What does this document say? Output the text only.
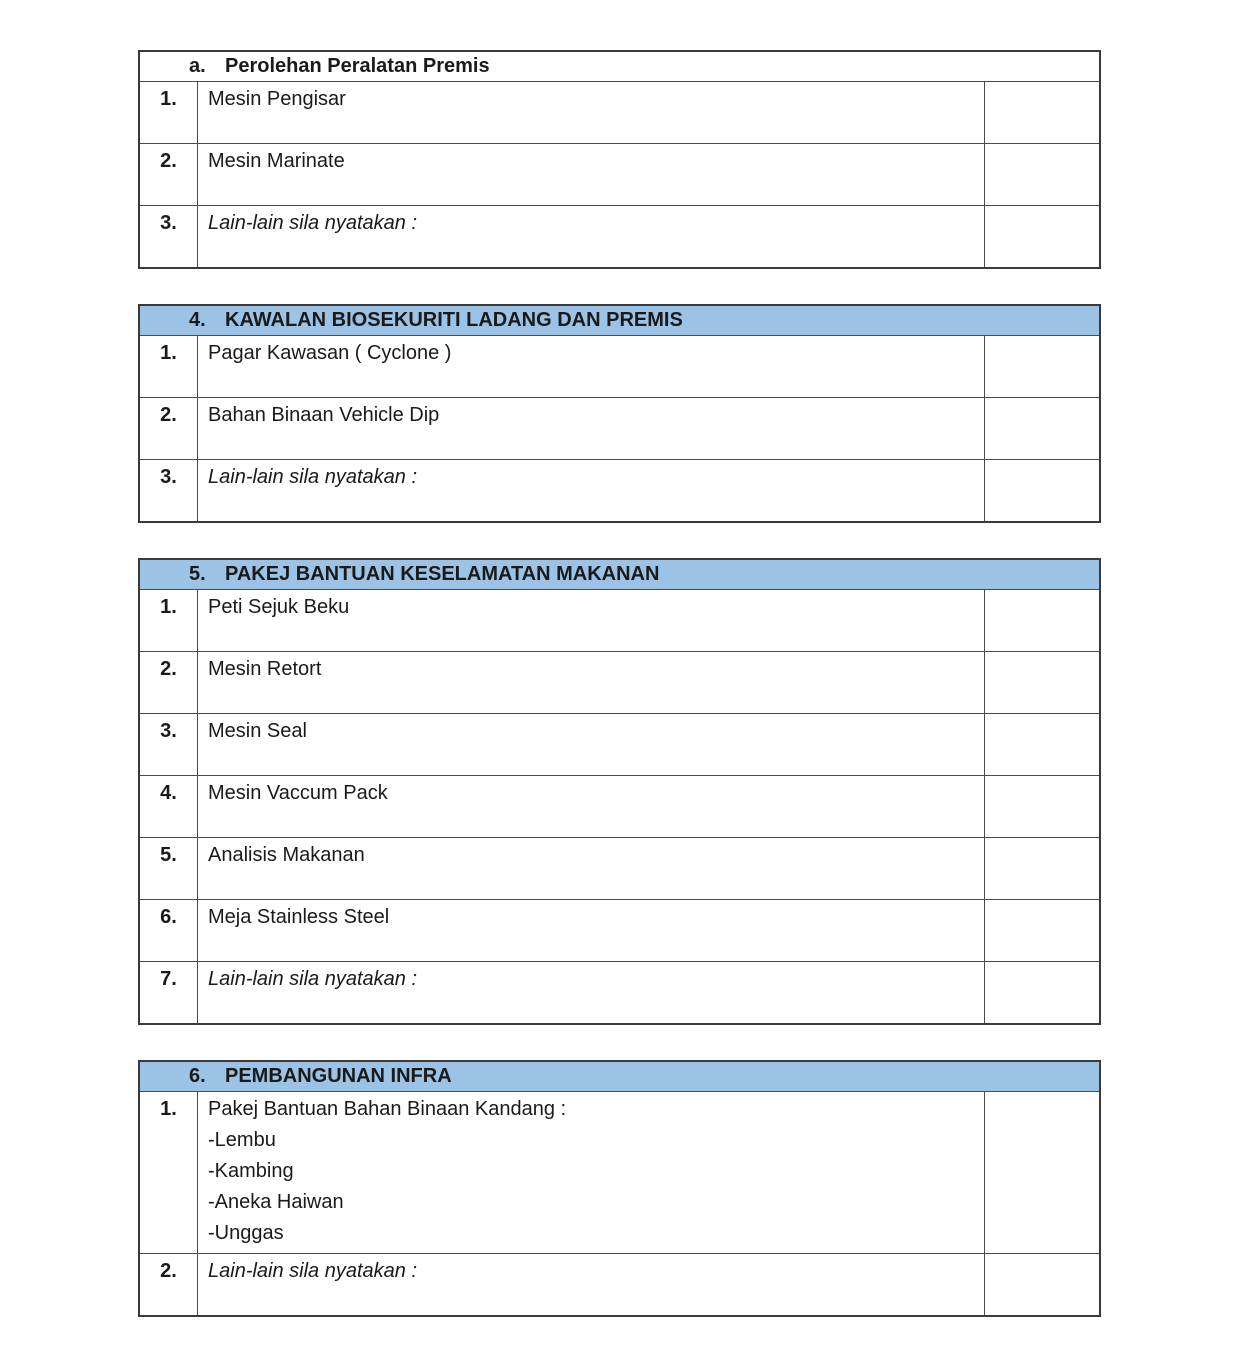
a. Perolehan Peralatan Premis
1.	Mesin Pengisar
2.	Mesin Marinate
3.	Lain-lain sila nyatakan :
4. KAWALAN BIOSEKURITI LADANG DAN PREMIS
1.	Pagar Kawasan ( Cyclone )
2.	Bahan Binaan Vehicle Dip
3.	Lain-lain sila nyatakan :
5. PAKEJ BANTUAN KESELAMATAN MAKANAN
1.	Peti Sejuk Beku
2.	Mesin Retort
3.	Mesin Seal
4.	Mesin Vaccum Pack
5.	Analisis Makanan
6.	Meja Stainless Steel
7.	Lain-lain sila nyatakan :
6. PEMBANGUNAN INFRA
1.	Pakej Bantuan Bahan Binaan Kandang :
-Lembu
-Kambing
-Aneka Haiwan
-Unggas
2.	Lain-lain sila nyatakan :
